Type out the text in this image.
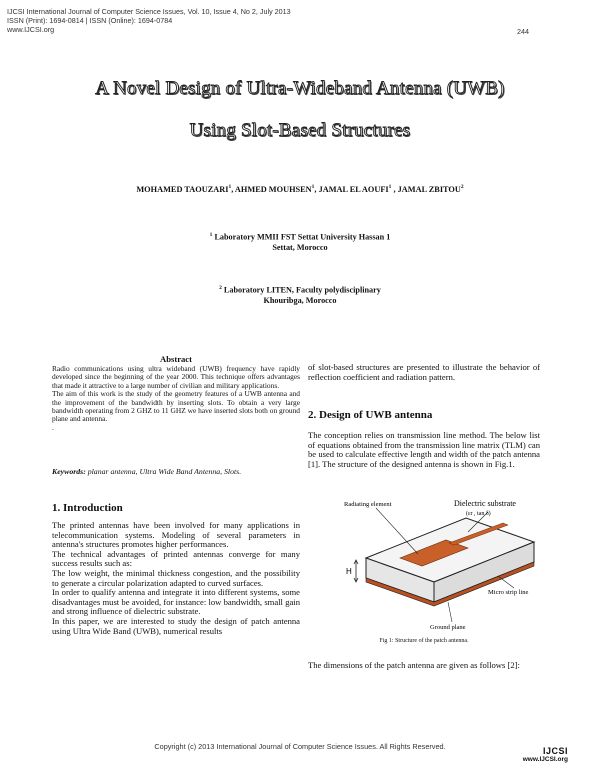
IJCSI International Journal of Computer Science Issues, Vol. 10, Issue 4, No 2, July 2013
ISSN (Print): 1694-0814 | ISSN (Online): 1694-0784
www.IJCSI.org	244
A Novel Design of Ultra-Wideband Antenna (UWB)
Using Slot-Based Structures
MOHAMED TAOUZARI$^1$, AHMED MOUHSEN$^1$, JAMAL EL AOUFI$^1$ , JAMAL ZBITOU$^2$
$^1$ Laboratory MMII FST Settat University Hassan 1
Settat, Morocco
$^2$ Laboratory LITEN, Faculty polydisciplinary
Khouribga, Morocco
Abstract

Radio communications using ultra wideband (UWB) frequency have rapidly developed since the beginning of the year 2000. This technique offers advantages that made it attractive to a large number of civilian and military applications.

The aim of this work is the study of the geometry features of a UWB antenna and the improvement of the bandwidth by inserting slots. To obtain a very large bandwidth operating from 2 GHZ to 11 GHZ we have inserted slots both on ground plane and antenna.

.

Keywords: planar antenna, Ultra Wide Band Antenna, Slots.
1. Introduction

The printed antennas have been involved for many applications in telecommunication systems. Modeling of several parameters in antenna's structures promotes higher performances.

The technical advantages of printed antennas converge for many success results such as:

The low weight, the minimal thickness congestion, and the possibility to generate a circular polarization adapted to curved surfaces.

In order to qualify antenna and integrate it into different systems, some disadvantages must be avoided, for instance: low bandwidth, small gain and strong influence of dielectric substrate.

In this paper, we are interested to study the design of patch antenna using Ultra Wide Band (UWB), numerical results

of slot-based structures are presented to illustrate the behavior of reflection coefficient and radiation pattern.
2. Design of UWB antenna
The conception relies on transmission line method. The below list of equations obtained from the transmission line matrix (TLM) can be used to calculate effective length and width of the patch antenna [1]. The structure of the designed antenna is shown in Fig.1.
H
Radiating element	Dielectric substrate
(εr , tan δ)
Micro strip line
Ground plane
Fig 1: Structure of the patch antenna.
The dimensions of the patch antenna are given as follows [2]:
Copyright (c) 2013 International Journal of Computer Science Issues. All Rights Reserved.	IJCSI
www.IJCSI.org
